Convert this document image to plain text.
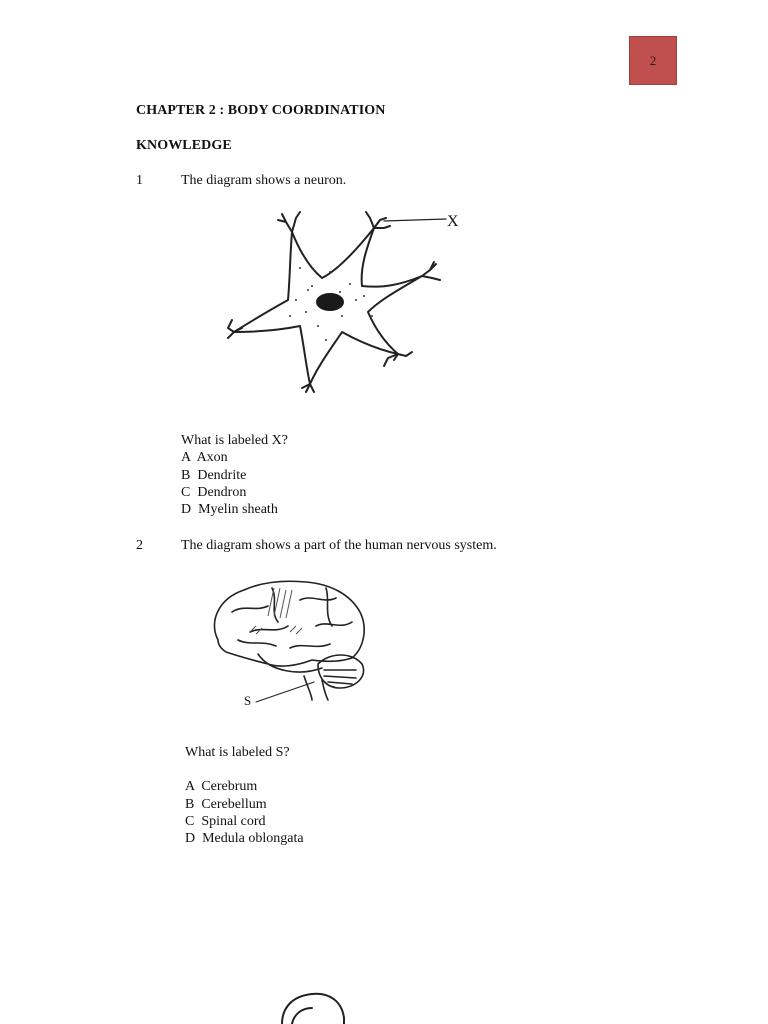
2
CHAPTER 2 : BODY COORDINATION
KNOWLEDGE
1	The diagram shows a neuron.
X
What is labeled X?
A  Axon
B  Dendrite
C  Dendron
D  Myelin sheath
2	The diagram shows a part of the human nervous system.
S
What is labeled S?
A  Cerebrum
B  Cerebellum
C  Spinal cord
D  Medula oblongata
